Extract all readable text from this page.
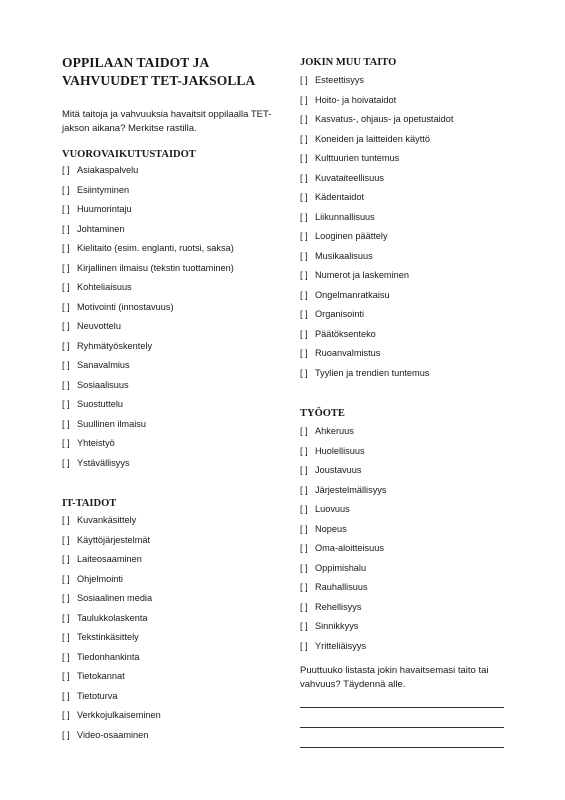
OPPILAAN TAIDOT JA VAHVUUDET TET-JAKSOLLA

Mitä taitoja ja vahvuuksia havaitsit oppilaalla TET-jakson aikana? Merkitse rastilla.

VUOROVAIKUTUSTAIDOT
[ ] Asiakaspalvelu
[ ] Esiintyminen
[ ] Huumorintaju
[ ] Johtaminen
[ ] Kielitaito (esim. englanti, ruotsi, saksa)
[ ] Kirjallinen ilmaisu (tekstin tuottaminen)
[ ] Kohteliaisuus
[ ] Motivointi (innostavuus)
[ ] Neuvottelu
[ ] Ryhmätyöskentely
[ ] Sanavalmius
[ ] Sosiaalisuus
[ ] Suostuttelu
[ ] Suullinen ilmaisu
[ ] Yhteistyö
[ ] Ystävällisyys
IT-TAIDOT
[ ] Kuvankäsittely
[ ] Käyttöjärjestelmät
[ ] Laiteosaaminen
[ ] Ohjelmointi
[ ] Sosiaalinen media
[ ] Taulukkolaskenta
[ ] Tekstinkäsittely
[ ] Tiedonhankinta
[ ] Tietokannat
[ ] Tietoturva
[ ] Verkkojulkaiseminen
[ ] Video-osaaminen
JOKIN MUU TAITO
[ ] Esteettisyys
[ ] Hoito- ja hoivataidot
[ ] Kasvatus-, ohjaus- ja opetustaidot
[ ] Koneiden ja laitteiden käyttö
[ ] Kulttuurien tuntemus
[ ] Kuvataiteellisuus
[ ] Kädentaidot
[ ] Liikunnallisuus
[ ] Looginen päättely
[ ] Musikaalisuus
[ ] Numerot ja laskeminen
[ ] Ongelmanratkaisu
[ ] Organisointi
[ ] Päätöksenteko
[ ] Ruoanvalmistus
[ ] Tyylien ja trendien tuntemus
TYÖOTE
[ ] Ahkeruus
[ ] Huolellisuus
[ ] Joustavuus
[ ] Järjestelmällisyys
[ ] Luovuus
[ ] Nopeus
[ ] Oma-aloitteisuus
[ ] Oppimishalu
[ ] Rauhallisuus
[ ] Rehellisyys
[ ] Sinnikkyys
[ ] Yritteliäisyys

Puuttuuko listasta jokin havaitsemasi taito tai vahvuus? Täydennä alle.
